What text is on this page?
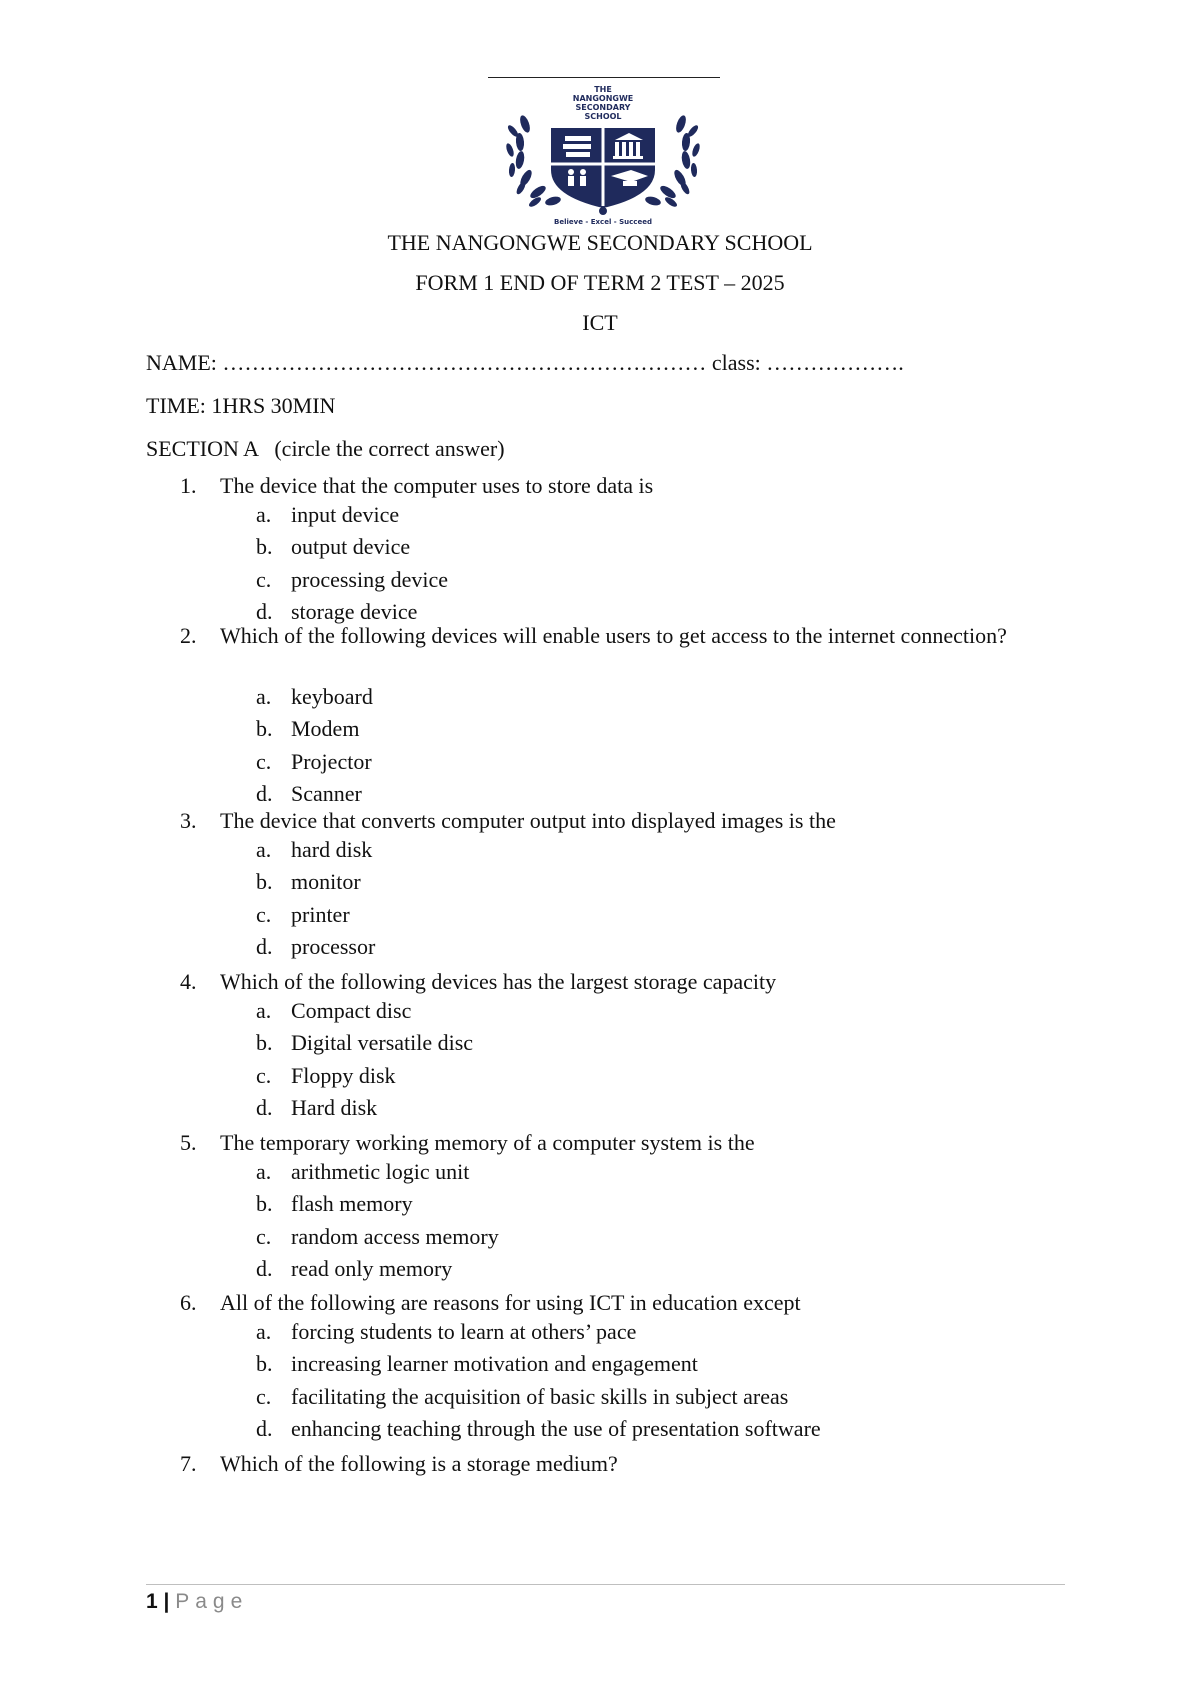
THE
NANGONGWE
SECONDARY
SCHOOL
Believe - Excel - Succeed
THE NANGONGWE SECONDARY SCHOOL
FORM 1 END OF TERM 2 TEST – 2025
ICT
NAME: ………………………………………………………… class: ……………….
TIME: 1HRS 30MIN
SECTION A   (circle the correct answer)
1. The device that the computer uses to store data is
a. input device
b. output device
c. processing device
d. storage device
2. Which of the following devices will enable users to get access to the internet connection?
a. keyboard
b. Modem
c. Projector
d. Scanner
3. The device that converts computer output into displayed images is the
a. hard disk
b. monitor
c. printer
d. processor
4. Which of the following devices has the largest storage capacity
a. Compact disc
b. Digital versatile disc
c. Floppy disk
d. Hard disk
5. The temporary working memory of a computer system is the
a. arithmetic logic unit
b. flash memory
c. random access memory
d. read only memory
6. All of the following are reasons for using ICT in education except
a. forcing students to learn at others’ pace
b. increasing learner motivation and engagement
c. facilitating the acquisition of basic skills in subject areas
d. enhancing teaching through the use of presentation software
7. Which of the following is a storage medium?
1 | Page
